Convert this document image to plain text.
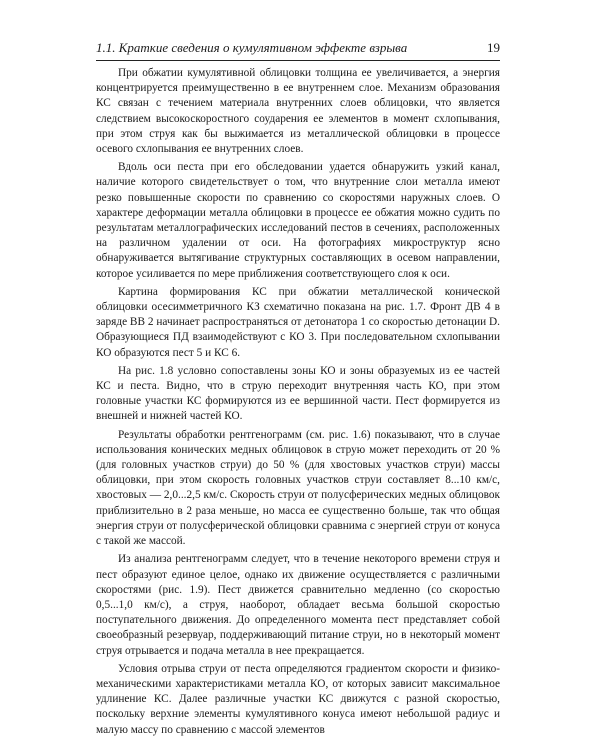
1.1. Краткие сведения о кумулятивном эффекте взрыва	19

При обжатии кумулятивной облицовки толщина ее увеличивается, а энергия концентрируется преимущественно в ее внутреннем слое. Механизм образования КС связан с течением материала внутренних слоев облицовки, что является следствием высокоскоростного соударения ее элементов в момент схлопывания, при этом струя как бы выжимается из металлической облицовки в процессе осевого схлопывания ее внутренних слоев.

Вдоль оси песта при его обследовании удается обнаружить узкий канал, наличие которого свидетельствует о том, что внутренние слои металла имеют резко повышенные скорости по сравнению со скоростями наружных слоев. О характере деформации металла облицовки в процессе ее обжатия можно судить по результатам металлографических исследований пестов в сечениях, расположенных на различном удалении от оси. На фотографиях микроструктур ясно обнаруживается вытягивание структурных составляющих в осевом направлении, которое усиливается по мере приближения соответствующего слоя к оси.

Картина формирования КС при обжатии металлической конической облицовки осесимметричного КЗ схематично показана на рис. 1.7. Фронт ДВ 4 в заряде ВВ 2 начинает распространяться от детонатора 1 со скоростью детонации D. Образующиеся ПД взаимодействуют с КО 3. При последовательном схлопывании КО образуются пест 5 и КС 6.

На рис. 1.8 условно сопоставлены зоны КО и зоны образуемых из ее частей КС и песта. Видно, что в струю переходит внутренняя часть КО, при этом головные участки КС формируются из ее вершинной части. Пест формируется из внешней и нижней частей КО.

Результаты обработки рентгенограмм (см. рис. 1.6) показывают, что в случае использования конических медных облицовок в струю может переходить от 20 % (для головных участков струи) до 50 % (для хвостовых участков струи) массы облицовки, при этом скорость головных участков струи составляет 8...10 км/с, хвостовых — 2,0...2,5 км/с. Скорость струи от полусферических медных облицовок приблизительно в 2 раза меньше, но масса ее существенно больше, так что общая энергия струи от полусферической облицовки сравнима с энергией струи от конуса с такой же массой.

Из анализа рентгенограмм следует, что в течение некоторого времени струя и пест образуют единое целое, однако их движение осуществляется с различными скоростями (рис. 1.9). Пест движется сравнительно медленно (со скоростью 0,5...1,0 км/с), а струя, наоборот, обладает весьма большой скоростью поступательного движения. До определенного момента пест представляет собой своеобразный резервуар, поддерживающий питание струи, но в некоторый момент струя отрывается и подача металла в нее прекращается.

Условия отрыва струи от песта определяются градиентом скорости и физико-механическими характеристиками металла КО, от которых зависит максимальное удлинение КС. Далее различные участки КС движутся с разной скоростью, поскольку верхние элементы кумулятивного конуса имеют небольшой радиус и малую массу по сравнению с массой элементов
